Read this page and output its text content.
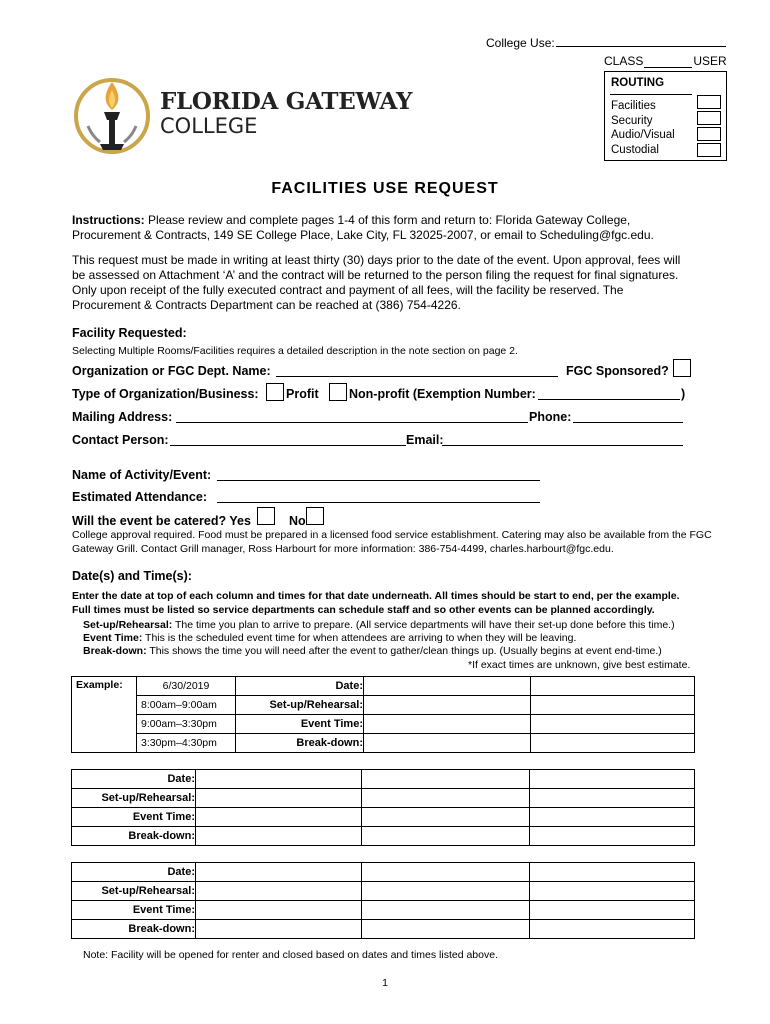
College Use:
CLASS	USER
ROUTING
Facilities
Security
Audio/Visual
Custodial
FLORIDA GATEWAY
COLLEGE
FACILITIES USE REQUEST
Instructions: Please review and complete pages 1-4 of this form and return to: Florida Gateway College, Procurement & Contracts, 149 SE College Place, Lake City, FL 32025-2007, or email to Scheduling@fgc.edu.
This request must be made in writing at least thirty (30) days prior to the date of the event. Upon approval, fees will be assessed on Attachment ‘A’ and the contract will be returned to the person filing the request for final signatures. Only upon receipt of the fully executed contract and payment of all fees, will the facility be reserved. The Procurement & Contracts Department can be reached at (386) 754-4226.
Facility Requested:
Selecting Multiple Rooms/Facilities requires a detailed description in the note section on page 2.
Organization or FGC Dept. Name:	FGC Sponsored?
Type of Organization/Business: Profit Non-profit (Exemption Number:	)
Mailing Address:	Phone:
Contact Person:	Email:
Name of Activity/Event:
Estimated Attendance:
Will the event be catered? Yes	No
College approval required. Food must be prepared in a licensed food service establishment. Catering may also be available from the FGC Gateway Grill. Contact Grill manager, Ross Harbourt for more information: 386-754-4499, charles.harbourt@fgc.edu.
Date(s) and Time(s):
Enter the date at top of each column and times for that date underneath. All times should be start to end, per the example.
Full times must be listed so service departments can schedule staff and so other events can be planned accordingly.
Set-up/Rehearsal: The time you plan to arrive to prepare. (All service departments will have their set-up done before this time.)
Event Time: This is the scheduled event time for when attendees are arriving to when they will be leaving.
Break-down: This shows the time you will need after the event to gather/clean things up. (Usually begins at event end-time.)
*If exact times are unknown, give best estimate.
Example:	6/30/2019	Date:		
	8:00am–9:00am	Set-up/Rehearsal:		
	9:00am–3:30pm	Event Time:		
	3:30pm–4:30pm	Break-down:		
Date:			
Set-up/Rehearsal:			
Event Time:			
Break-down:			
Date:			
Set-up/Rehearsal:			
Event Time:			
Break-down:			
Note: Facility will be opened for renter and closed based on dates and times listed above.
1
